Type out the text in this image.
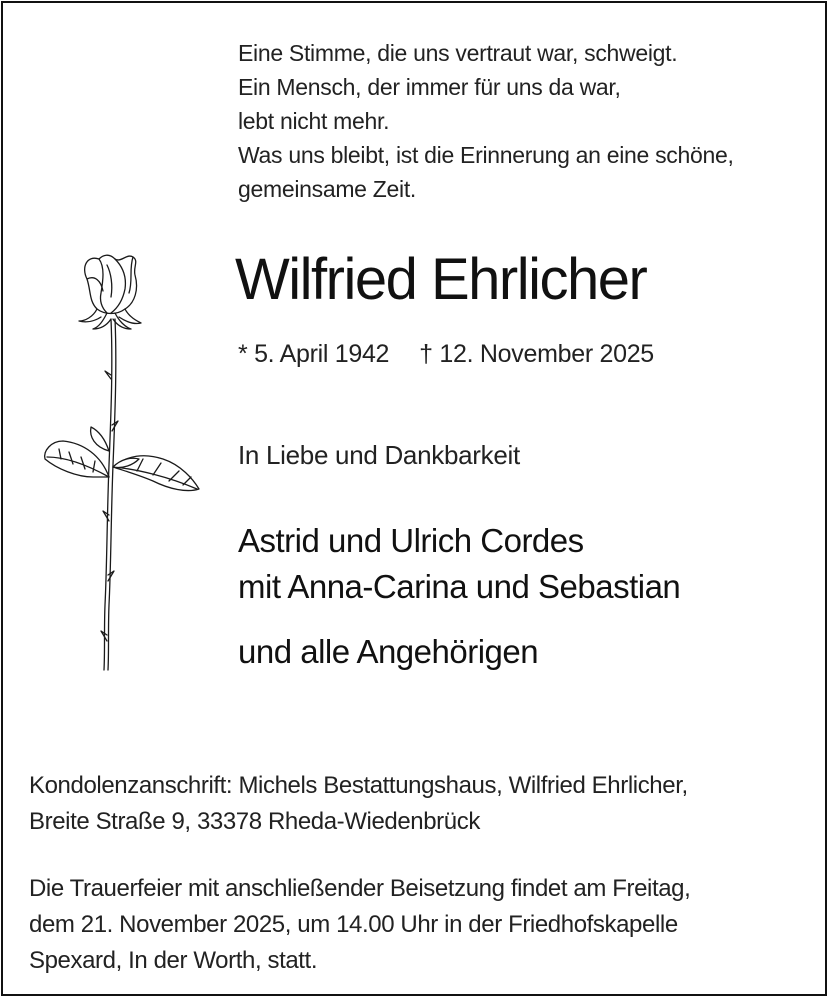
Eine Stimme, die uns vertraut war, schweigt.
Ein Mensch, der immer für uns da war,
lebt nicht mehr.
Was uns bleibt, ist die Erinnerung an eine schöne,
gemeinsame Zeit.
Wilfried Ehrlicher
* 5. April 1942 † 12. November 2025
In Liebe und Dankbarkeit
Astrid und Ulrich Cordes
mit Anna-Carina und Sebastian
und alle Angehörigen
Kondolenzanschrift: Michels Bestattungshaus, Wilfried Ehrlicher,
Breite Straße 9, 33378 Rheda-Wiedenbrück
Die Trauerfeier mit anschließender Beisetzung findet am Freitag,
dem 21. November 2025, um 14.00 Uhr in der Friedhofskapelle
Spexard, In der Worth, statt.
